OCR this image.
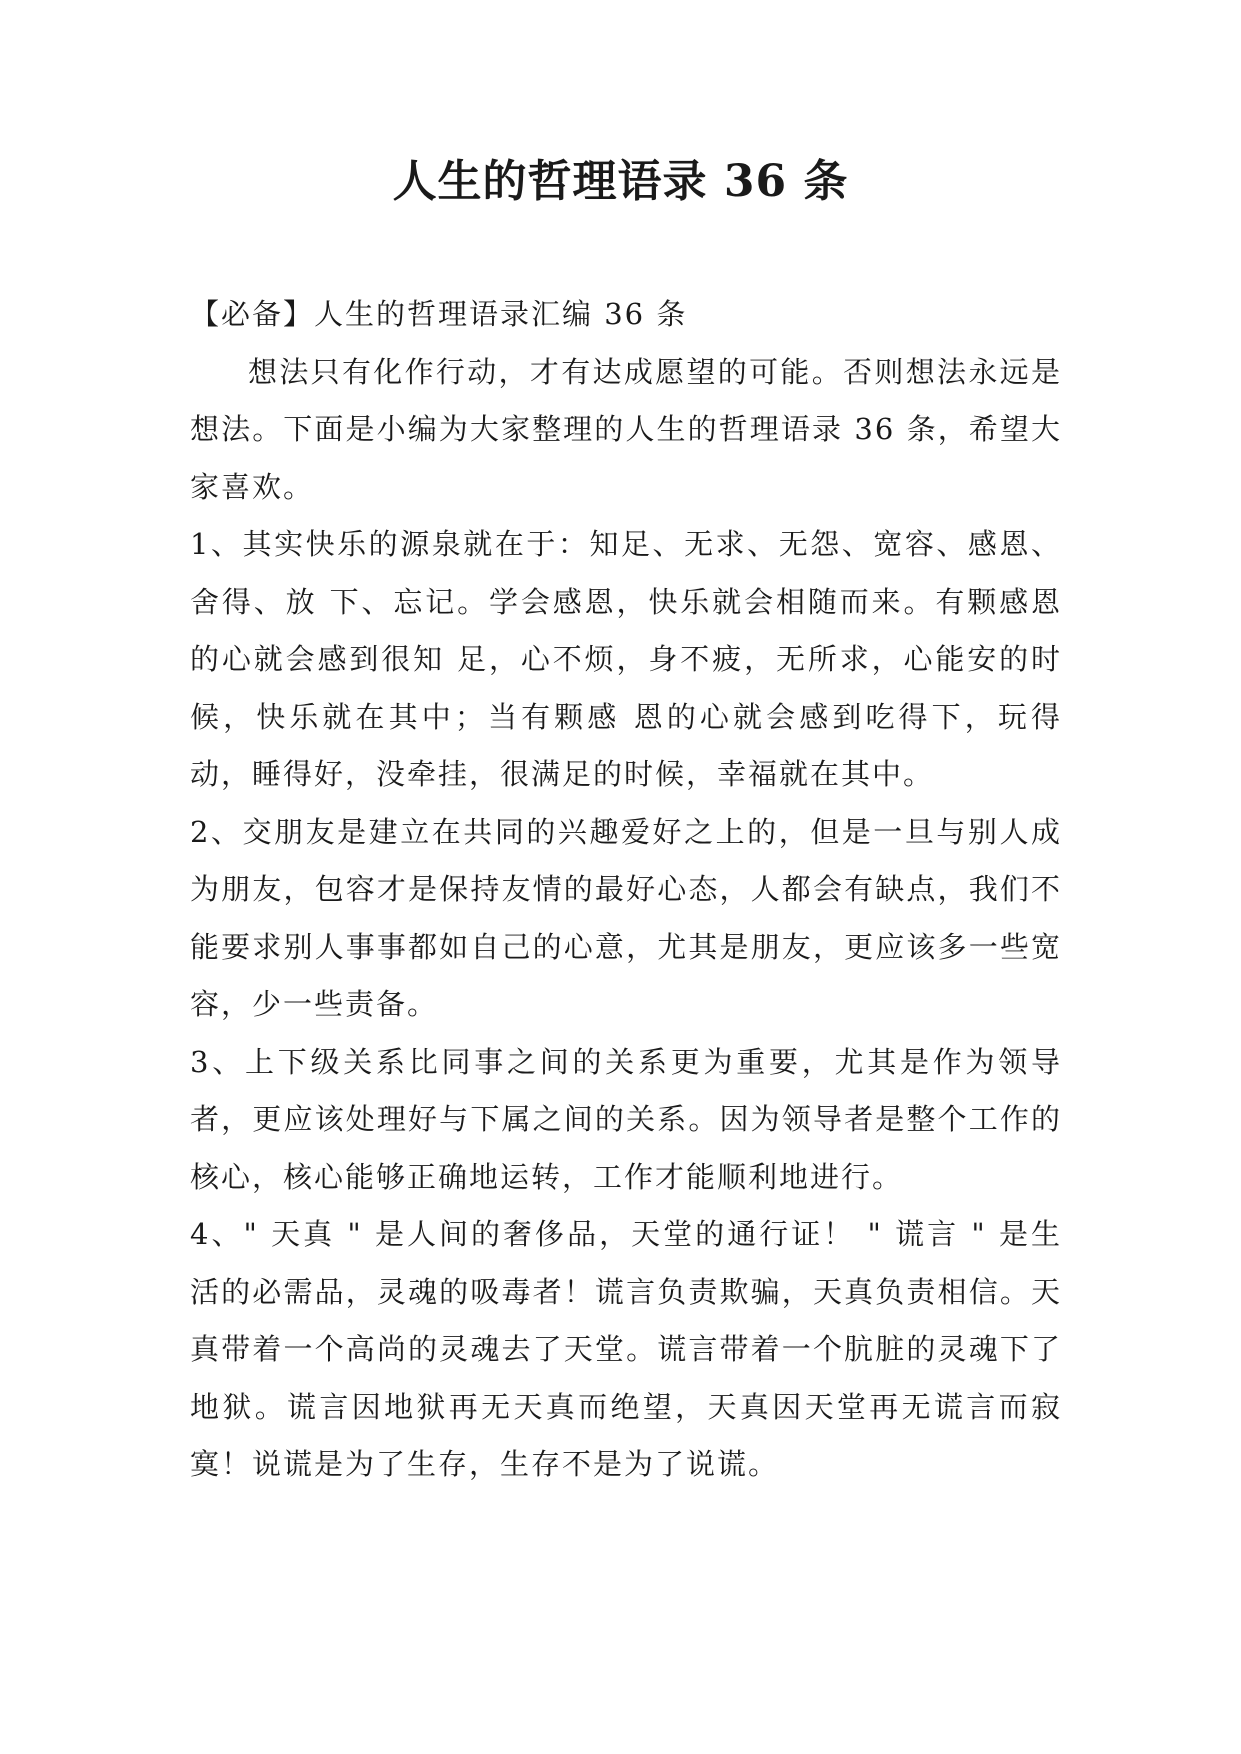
人生的哲理语录 36 条

【必备】人生的哲理语录汇编 36 条

想法只有化作行动，才有达成愿望的可能。否则想法永远是想法。下面是小编为大家整理的人生的哲理语录 36 条，希望大家喜欢。

1、其实快乐的源泉就在于：知足、无求、无怨、宽容、感恩、舍得、放 下、忘记。学会感恩，快乐就会相随而来。有颗感恩的心就会感到很知 足，心不烦，身不疲，无所求，心能安的时候，快乐就在其中；当有颗感 恩的心就会感到吃得下，玩得动，睡得好，没牵挂，很满足的时候，幸福就在其中。

2、交朋友是建立在共同的兴趣爱好之上的，但是一旦与别人成为朋友，包容才是保持友情的最好心态，人都会有缺点，我们不能要求别人事事都如自己的心意，尤其是朋友，更应该多一些宽容，少一些责备。

3、上下级关系比同事之间的关系更为重要，尤其是作为领导者，更应该处理好与下属之间的关系。因为领导者是整个工作的核心，核心能够正确地运转，工作才能顺利地进行。

4、" 天真 " 是人间的奢侈品，天堂的通行证！ " 谎言 " 是生活的必需品，灵魂的吸毒者！谎言负责欺骗，天真负责相信。天真带着一个高尚的灵魂去了天堂。谎言带着一个肮脏的灵魂下了地狱。谎言因地狱再无天真而绝望，天真因天堂再无谎言而寂寞！说谎是为了生存，生存不是为了说谎。
